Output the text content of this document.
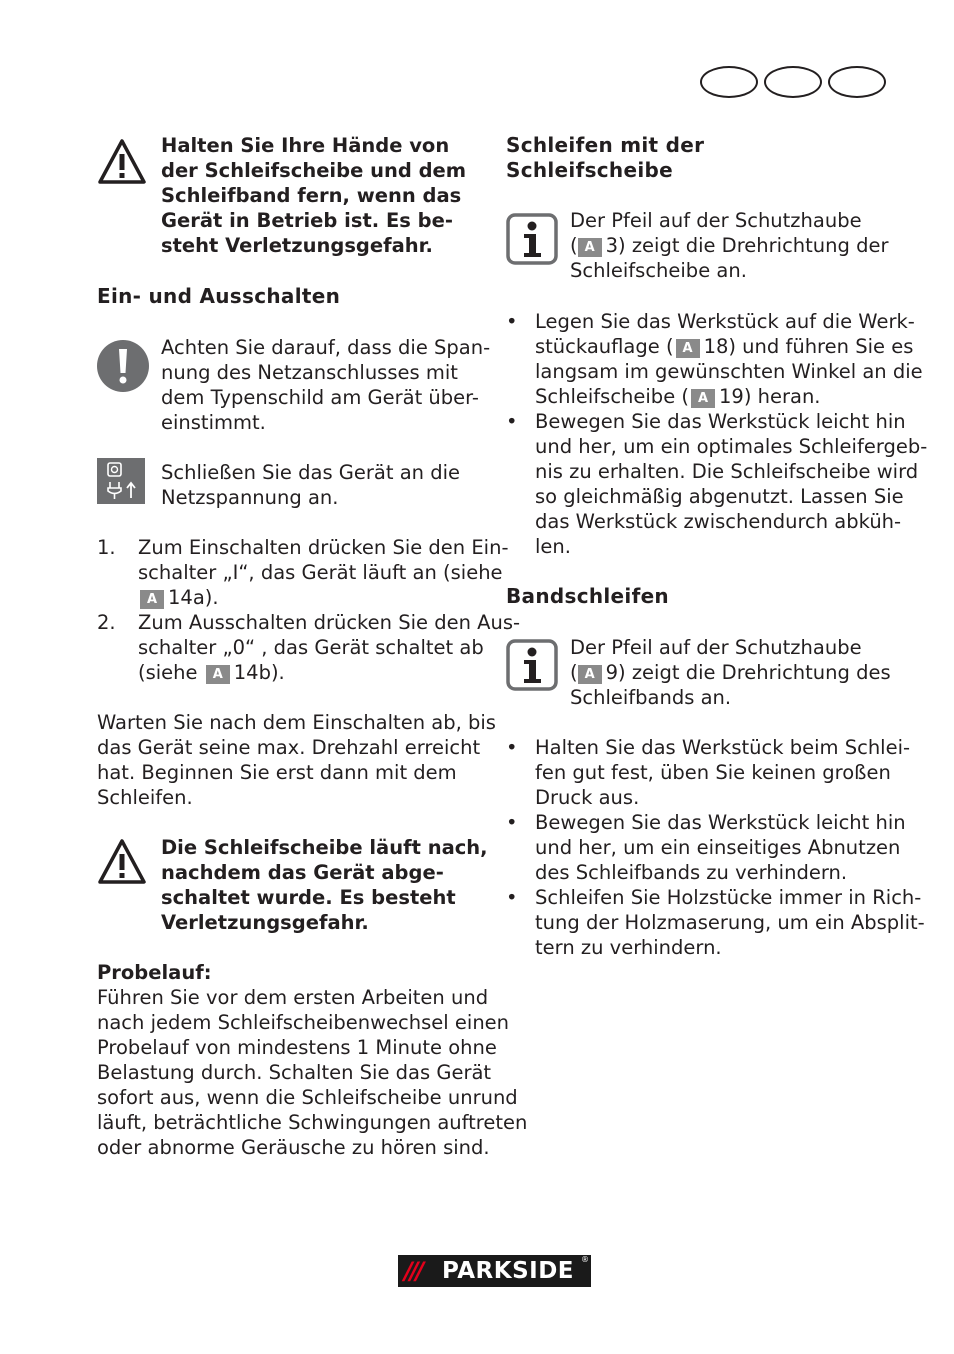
Halten Sie Ihre Hände von
der Schleifscheibe und dem
Schleifband fern, wenn das
Gerät in Betrieb ist. Es be-
steht Verletzungsgefahr.
Ein- und Ausschalten
Achten Sie darauf, dass die Span-
nung des Netzanschlusses mit
dem Typenschild am Gerät über-
einstimmt.
Schließen Sie das Gerät an die
Netzspannung an.
1. Zum Einschalten drücken Sie den Ein-
schalter „I“, das Gerät läuft an (siehe
A 14a).
2. Zum Ausschalten drücken Sie den Aus-
schalter „0“ , das Gerät schaltet ab
(siehe A 14b).
Warten Sie nach dem Einschalten ab, bis
das Gerät seine max. Drehzahl erreicht
hat. Beginnen Sie erst dann mit dem
Schleifen.
Die Schleifscheibe läuft nach,
nachdem das Gerät abge-
schaltet wurde. Es besteht
Verletzungsgefahr.
Probelauf:
Führen Sie vor dem ersten Arbeiten und
nach jedem Schleifscheibenwechsel einen
Probelauf von mindestens 1 Minute ohne
Belastung durch. Schalten Sie das Gerät
sofort aus, wenn die Schleifscheibe unrund
läuft, beträchtliche Schwingungen auftreten
oder abnorme Geräusche zu hören sind.
Schleifen mit der
Schleifscheibe
Der Pfeil auf der Schutzhaube
( A 3) zeigt die Drehrichtung der
Schleifscheibe an.
• Legen Sie das Werkstück auf die Werk-
stückauflage ( A 18) und führen Sie es
langsam im gewünschten Winkel an die
Schleifscheibe ( A 19) heran.
• Bewegen Sie das Werkstück leicht hin
und her, um ein optimales Schleifergeb-
nis zu erhalten. Die Schleifscheibe wird
so gleichmäßig abgenutzt. Lassen Sie
das Werkstück zwischendurch abküh-
len.
Bandschleifen
Der Pfeil auf der Schutzhaube
( A 9) zeigt die Drehrichtung des
Schleifbands an.
• Halten Sie das Werkstück beim Schlei-
fen gut fest, üben Sie keinen großen
Druck aus.
• Bewegen Sie das Werkstück leicht hin
und her, um ein einseitiges Abnutzen
des Schleifbands zu verhindern.
• Schleifen Sie Holzstücke immer in Rich-
tung der Holzmaserung, um ein Absplit-
tern zu verhindern.
/// PARKSIDE ®
